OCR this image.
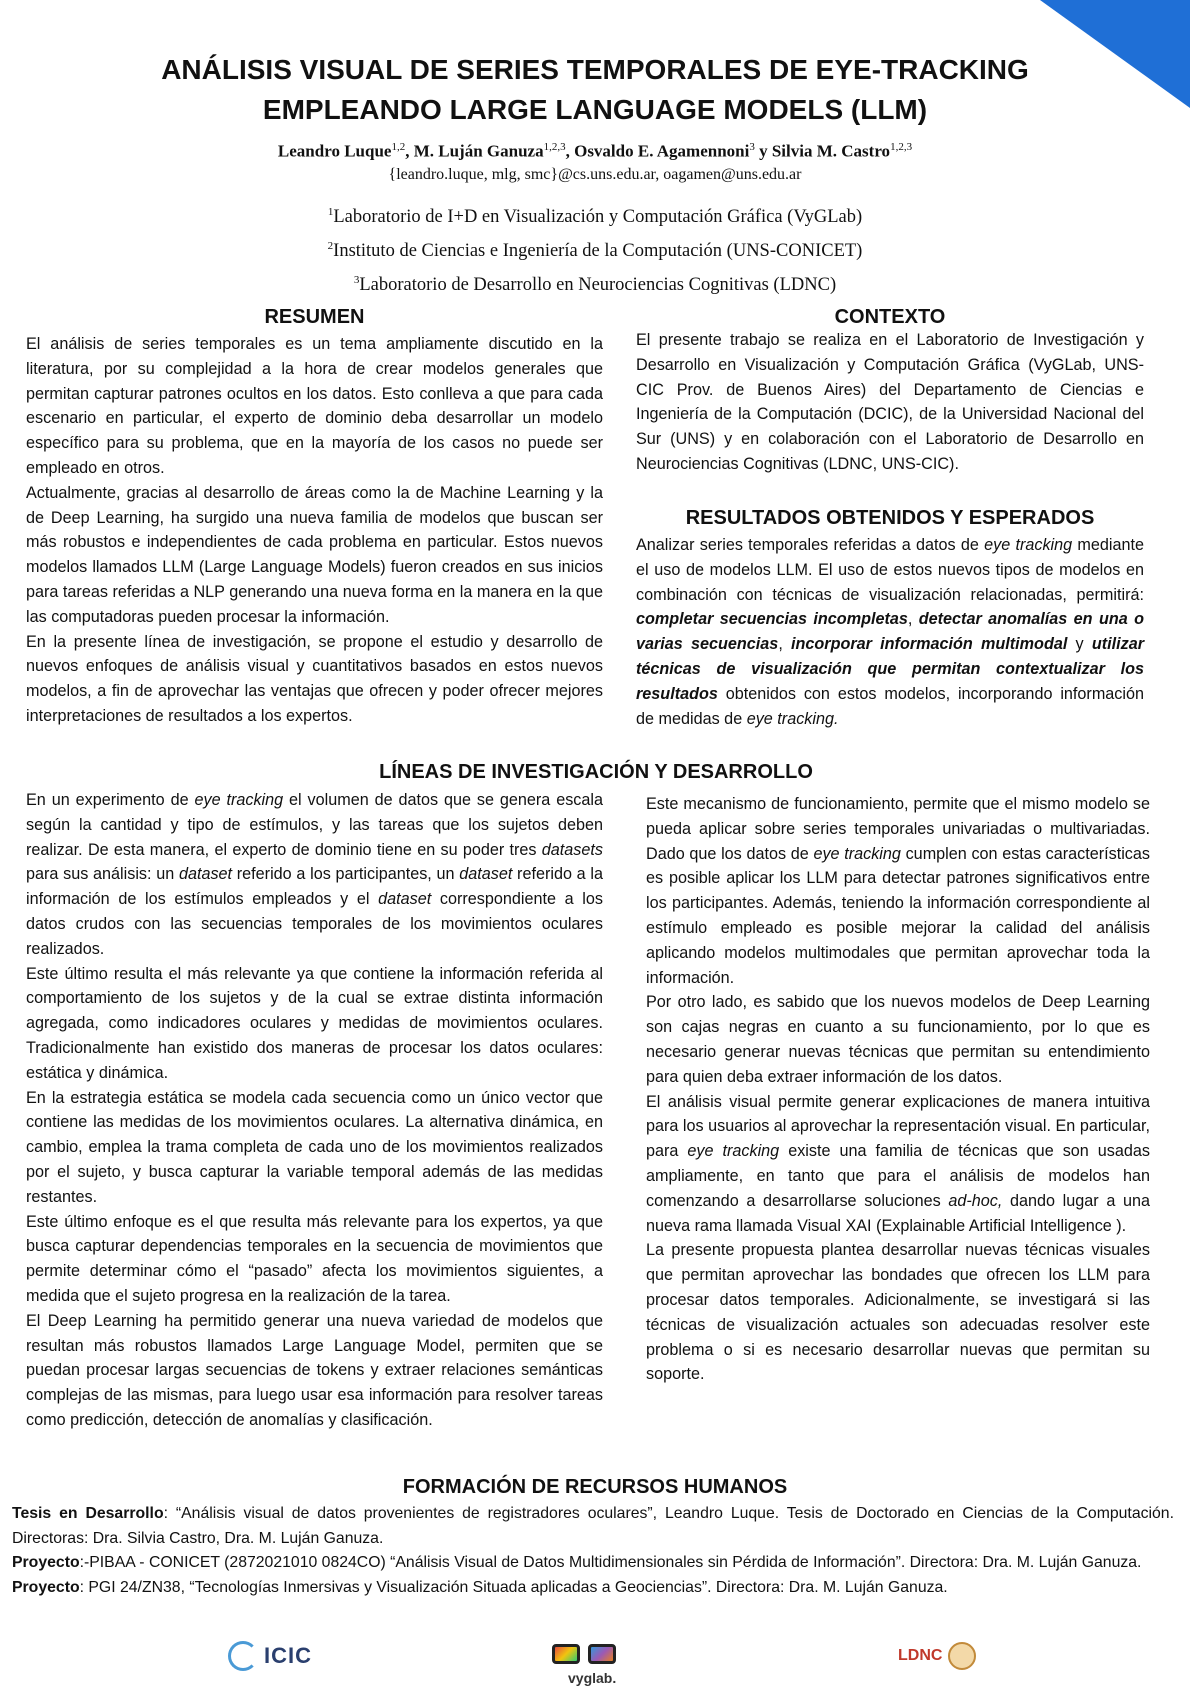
ANÁLISIS VISUAL DE SERIES TEMPORALES DE EYE-TRACKING
EMPLEANDO LARGE LANGUAGE MODELS (LLM)
Leandro Luque$^{1,2}$, M. Luján Ganuza$^{1,2,3}$, Osvaldo E. Agamennoni$^3$ y Silvia M. Castro$^{1,2,3}$
{leandro.luque, mlg, smc}@cs.uns.edu.ar, oagamen@uns.edu.ar
$^1$Laboratorio de I+D en Visualización y Computación Gráfica (VyGLab)
$^2$Instituto de Ciencias e Ingeniería de la Computación (UNS-CONICET)
$^3$Laboratorio de Desarrollo en Neurociencias Cognitivas (LDNC)
RESUMEN

El análisis de series temporales es un tema ampliamente discutido en la literatura, por su complejidad a la hora de crear modelos generales que permitan capturar patrones ocultos en los datos. Esto conlleva a que para cada escenario en particular, el experto de dominio deba desarrollar un modelo específico para su problema, que en la mayoría de los casos no puede ser empleado en otros.

Actualmente, gracias al desarrollo de áreas como la de Machine Learning y la de Deep Learning, ha surgido una nueva familia de modelos que buscan ser más robustos e independientes de cada problema en particular. Estos nuevos modelos llamados LLM (Large Language Models) fueron creados en sus inicios para tareas referidas a NLP generando una nueva forma en la manera en la que las computadoras pueden procesar la información.

En la presente línea de investigación, se propone el estudio y desarrollo de nuevos enfoques de análisis visual y cuantitativos basados en estos nuevos modelos, a fin de aprovechar las ventajas que ofrecen y poder ofrecer mejores interpretaciones de resultados a los expertos.

CONTEXTO

El presente trabajo se realiza en el Laboratorio de Investigación y Desarrollo en Visualización y Computación Gráfica (VyGLab, UNS-CIC Prov. de Buenos Aires) del Departamento de Ciencias e Ingeniería de la Computación (DCIC), de la Universidad Nacional del Sur (UNS) y en colaboración con el Laboratorio de Desarrollo en Neurociencias Cognitivas (LDNC, UNS-CIC).

RESULTADOS OBTENIDOS Y ESPERADOS

Analizar series temporales referidas a datos de eye tracking mediante el uso de modelos LLM. El uso de estos nuevos tipos de modelos en combinación con técnicas de visualización relacionadas, permitirá: completar secuencias incompletas, detectar anomalías en una o varias secuencias, incorporar información multimodal y utilizar técnicas de visualización que permitan contextualizar los resultados obtenidos con estos modelos, incorporando información de medidas de eye tracking.

LÍNEAS DE INVESTIGACIÓN Y DESARROLLO

En un experimento de eye tracking el volumen de datos que se genera escala según la cantidad y tipo de estímulos, y las tareas que los sujetos deben realizar. De esta manera, el experto de dominio tiene en su poder tres datasets para sus análisis: un dataset referido a los participantes, un dataset referido a la información de los estímulos empleados y el dataset correspondiente a los datos crudos con las secuencias temporales de los movimientos oculares realizados.

Este último resulta el más relevante ya que contiene la información referida al comportamiento de los sujetos y de la cual se extrae distinta información agregada, como indicadores oculares y medidas de movimientos oculares. Tradicionalmente han existido dos maneras de procesar los datos oculares: estática y dinámica.

En la estrategia estática se modela cada secuencia como un único vector que contiene las medidas de los movimientos oculares. La alternativa dinámica, en cambio, emplea la trama completa de cada uno de los movimientos realizados por el sujeto, y busca capturar la variable temporal además de las medidas restantes.

Este último enfoque es el que resulta más relevante para los expertos, ya que busca capturar dependencias temporales en la secuencia de movimientos que permite determinar cómo el “pasado” afecta los movimientos siguientes, a medida que el sujeto progresa en la realización de la tarea.

El Deep Learning ha permitido generar una nueva variedad de modelos que resultan más robustos llamados Large Language Model, permiten que se puedan procesar largas secuencias de tokens y extraer relaciones semánticas complejas de las mismas, para luego usar esa información para resolver tareas como predicción, detección de anomalías y clasificación.

Este mecanismo de funcionamiento, permite que el mismo modelo se pueda aplicar sobre series temporales univariadas o multivariadas. Dado que los datos de eye tracking cumplen con estas características es posible aplicar los LLM para detectar patrones significativos entre los participantes. Además, teniendo la información correspondiente al estímulo empleado es posible mejorar la calidad del análisis aplicando modelos multimodales que permitan aprovechar toda la información.

Por otro lado, es sabido que los nuevos modelos de Deep Learning son cajas negras en cuanto a su funcionamiento, por lo que es necesario generar nuevas técnicas que permitan su entendimiento para quien deba extraer información de los datos.

El análisis visual permite generar explicaciones de manera intuitiva para los usuarios al aprovechar la representación visual. En particular, para eye tracking existe una familia de técnicas que son usadas ampliamente, en tanto que para el análisis de modelos han comenzando a desarrollarse soluciones ad-hoc, dando lugar a una nueva rama llamada Visual XAI (Explainable Artificial Intelligence ).

La presente propuesta plantea desarrollar nuevas técnicas visuales que permitan aprovechar las bondades que ofrecen los LLM para procesar datos temporales. Adicionalmente, se investigará si las técnicas de visualización actuales son adecuadas resolver este problema o si es necesario desarrollar nuevas que permitan su soporte.

FORMACIÓN DE RECURSOS HUMANOS

Tesis en Desarrollo: “Análisis visual de datos provenientes de registradores oculares”, Leandro Luque. Tesis de Doctorado en Ciencias de la Computación. Directoras: Dra. Silvia Castro, Dra. M. Luján Ganuza.

Proyecto:-PIBAA - CONICET (2872021010 0824CO) “Análisis Visual de Datos Multidimensionales sin Pérdida de Información”. Directora: Dra. M. Luján Ganuza.

Proyecto: PGI 24/ZN38, “Tecnologías Inmersivas y Visualización Situada aplicadas a Geociencias”. Directora: Dra. M. Luján Ganuza.

ICIC
vyglab.
LDNC
